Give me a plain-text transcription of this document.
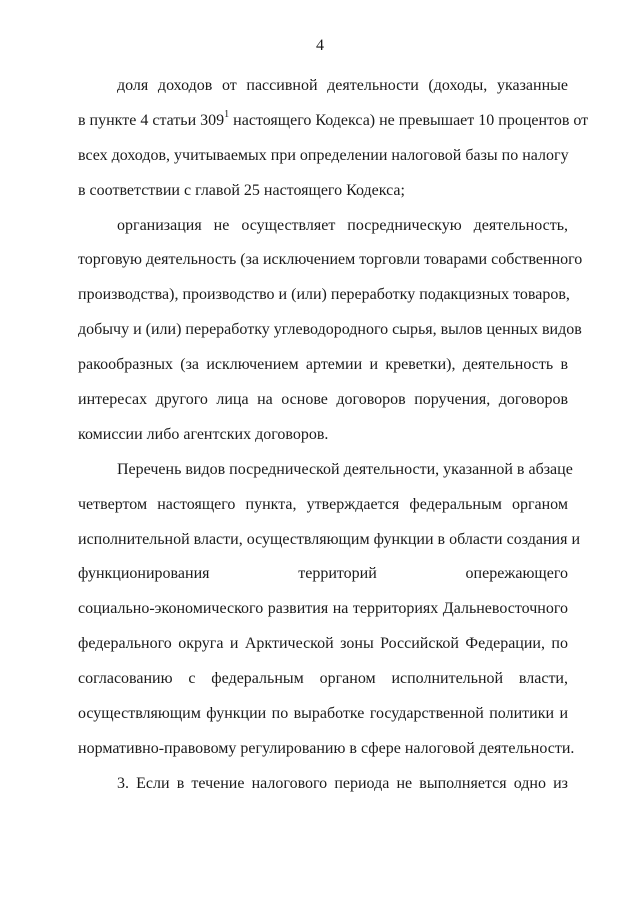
4
доля доходов от пассивной деятельности (доходы, указанные
в пункте 4 статьи $309^1$ настоящего Кодекса) не превышает 10 процентов от
всех доходов, учитываемых при определении налоговой базы по налогу
в соответствии с главой 25 настоящего Кодекса;
организация не осуществляет посредническую деятельность,
торговую деятельность (за исключением торговли товарами собственного
производства), производство и (или) переработку подакцизных товаров,
добычу и (или) переработку углеводородного сырья, вылов ценных видов
ракообразных (за исключением артемии и креветки), деятельность в
интересах другого лица на основе договоров поручения, договоров
комиссии либо агентских договоров.
Перечень видов посреднической деятельности, указанной в абзаце
четвертом настоящего пункта, утверждается федеральным органом
исполнительной власти, осуществляющим функции в области создания и
функционирования территорий опережающего
социально-экономического развития на территориях Дальневосточного
федерального округа и Арктической зоны Российской Федерации, по
согласованию с федеральным органом исполнительной власти,
осуществляющим функции по выработке государственной политики и
нормативно-правовому регулированию в сфере налоговой деятельности.
3. Если в течение налогового периода не выполняется одно из
